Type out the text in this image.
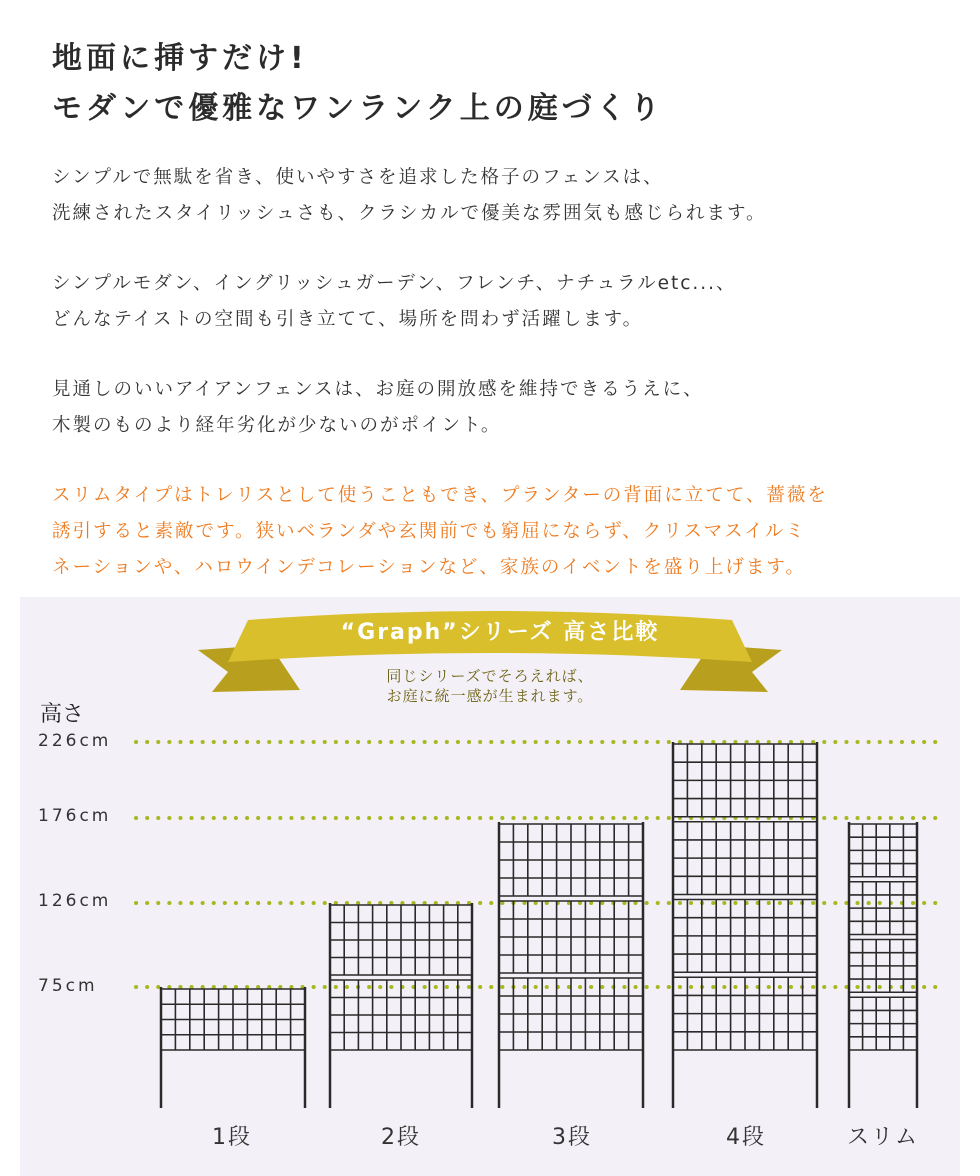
地面に挿すだけ!
モダンで優雅なワンランク上の庭づくり
シンプルで無駄を省き、使いやすさを追求した格子のフェンスは、
洗練されたスタイリッシュさも、クラシカルで優美な雰囲気も感じられます。
シンプルモダン、イングリッシュガーデン、フレンチ、ナチュラルetc...、
どんなテイストの空間も引き立てて、場所を問わず活躍します。
見通しのいいアイアンフェンスは、お庭の開放感を維持できるうえに、
木製のものより経年劣化が少ないのがポイント。
スリムタイプはトレリスとして使うこともでき、プランターの背面に立てて、薔薇を
誘引すると素敵です。狭いベランダや玄関前でも窮屈にならず、クリスマスイルミ
ネーションや、ハロウインデコレーションなど、家族のイベントを盛り上げます。
“Graph”シリーズ 高さ比較
同じシリーズでそろえれば、
お庭に統一感が生まれます。
高さ
226cm
176cm
126cm
75cm
1段	2段	3段	4段	スリム
